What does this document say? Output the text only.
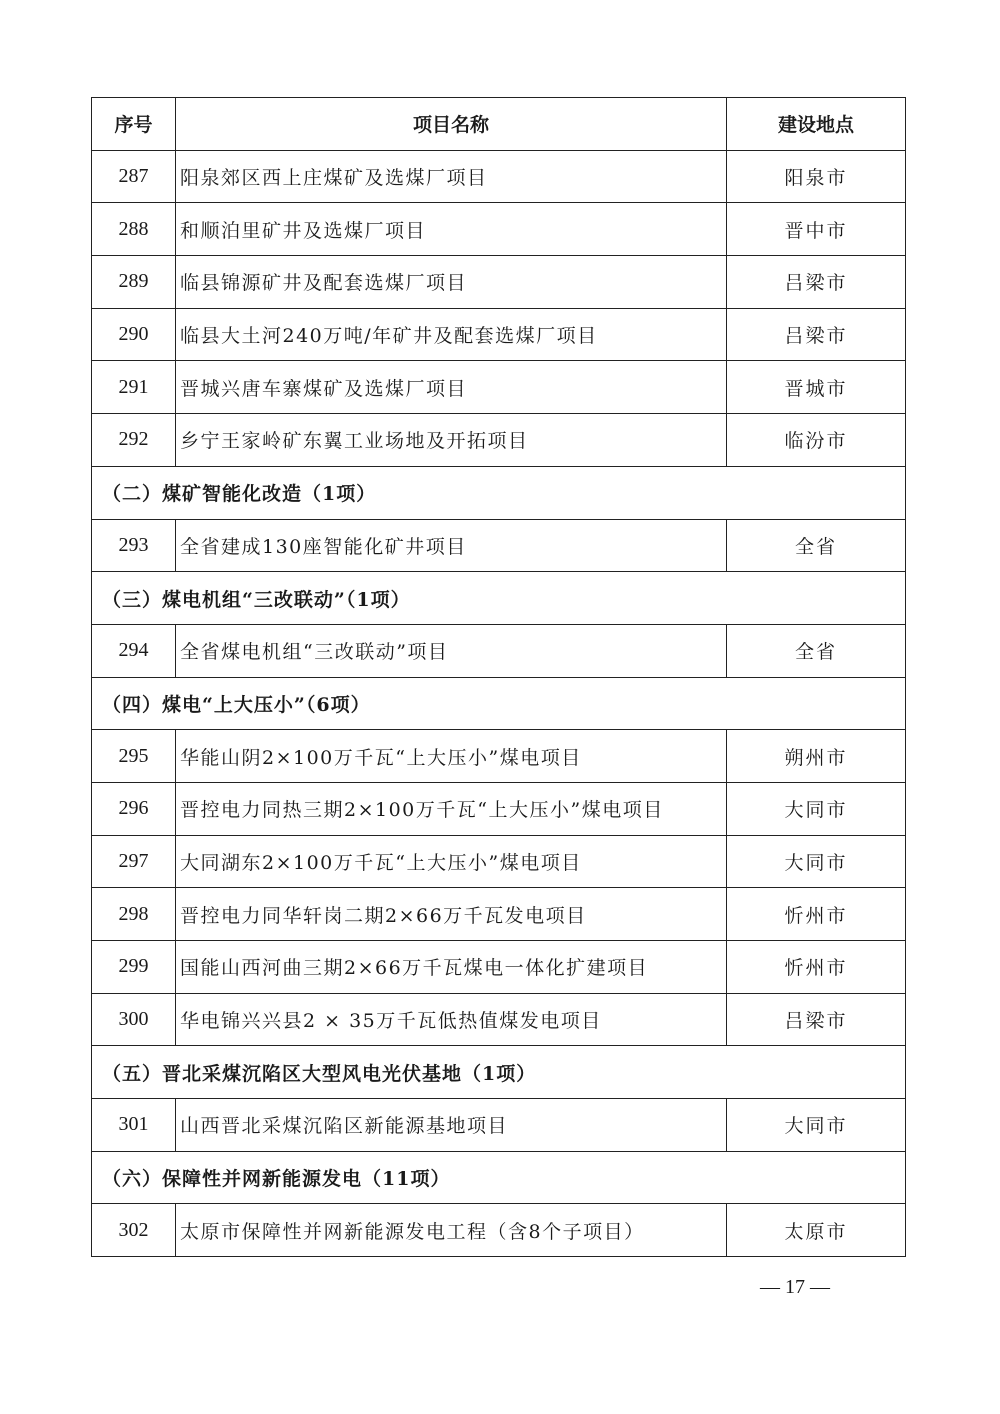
序号	项目名称	建设地点
287	阳泉郊区西上庄煤矿及选煤厂项目	阳泉市
288	和顺泊里矿井及选煤厂项目	晋中市
289	临县锦源矿井及配套选煤厂项目	吕梁市
290	临县大土河240万吨/年矿井及配套选煤厂项目	吕梁市
291	晋城兴唐车寨煤矿及选煤厂项目	晋城市
292	乡宁王家岭矿东翼工业场地及开拓项目	临汾市
（二）煤矿智能化改造（1项）		
293	全省建成130座智能化矿井项目	全省
（三）煤电机组“三改联动”（1项）		
294	全省煤电机组“三改联动”项目	全省
（四）煤电“上大压小”（6项）		
295	华能山阴2×100万千瓦“上大压小”煤电项目	朔州市
296	晋控电力同热三期2×100万千瓦“上大压小”煤电项目	大同市
297	大同湖东2×100万千瓦“上大压小”煤电项目	大同市
298	晋控电力同华轩岗二期2×66万千瓦发电项目	忻州市
299	国能山西河曲三期2×66万千瓦煤电一体化扩建项目	忻州市
300	华电锦兴兴县2 × 35万千瓦低热值煤发电项目	吕梁市
（五）晋北采煤沉陷区大型风电光伏基地（1项）		
301	山西晋北采煤沉陷区新能源基地项目	大同市
（六）保障性并网新能源发电（11项）		
302	太原市保障性并网新能源发电工程（含8个子项目）	太原市
— 17 —
